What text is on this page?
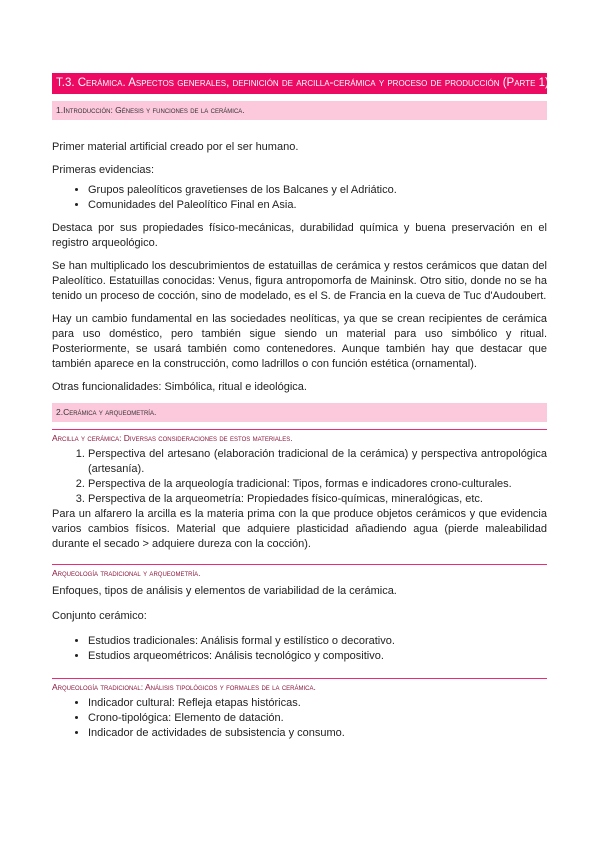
T.3. Cerámica. Aspectos generales, definición de arcilla-cerámica y proceso de producción (Parte 1).
1.Introducción: Génesis y funciones de la cerámica.

Primer material artificial creado por el ser humano.

Primeras evidencias:

• Grupos paleolíticos gravetienses de los Balcanes y el Adriático.
• Comunidades del Paleolítico Final en Asia.

Destaca por sus propiedades físico-mecánicas, durabilidad química y buena preservación en el registro arqueológico.

Se han multiplicado los descubrimientos de estatuillas de cerámica y restos cerámicos que datan del Paleolítico. Estatuillas conocidas: Venus, figura antropomorfa de Maininsk. Otro sitio, donde no se ha tenido un proceso de cocción, sino de modelado, es el S. de Francia en la cueva de Tuc d'Audoubert.

Hay un cambio fundamental en las sociedades neolíticas, ya que se crean recipientes de cerámica para uso doméstico, pero también sigue siendo un material para uso simbólico y ritual. Posteriormente, se usará también como contenedores. Aunque también hay que destacar que también aparece en la construcción, como ladrillos o con función estética (ornamental).

Otras funcionalidades: Simbólica, ritual e ideológica.

2.Cerámica y arqueometría.
Arcilla y cerámica: Diversas consideraciones de estos materiales.
1. Perspectiva del artesano (elaboración tradicional de la cerámica) y perspectiva antropológica (artesanía).
2. Perspectiva de la arqueología tradicional: Tipos, formas e indicadores crono-culturales.
3. Perspectiva de la arqueometría: Propiedades físico-químicas, mineralógicas, etc.

Para un alfarero la arcilla es la materia prima con la que produce objetos cerámicos y que evidencia varios cambios físicos. Material que adquiere plasticidad añadiendo agua (pierde maleabilidad durante el secado > adquiere dureza con la cocción).

Arqueología tradicional y arqueometría.

Enfoques, tipos de análisis y elementos de variabilidad de la cerámica.

Conjunto cerámico:

• Estudios tradicionales: Análisis formal y estilístico o decorativo.
• Estudios arqueométricos: Análisis tecnológico y compositivo.
Arqueología tradicional: Análisis tipológicos y formales de la cerámica.
• Indicador cultural: Refleja etapas históricas.
• Crono-tipológica: Elemento de datación.
• Indicador de actividades de subsistencia y consumo.
